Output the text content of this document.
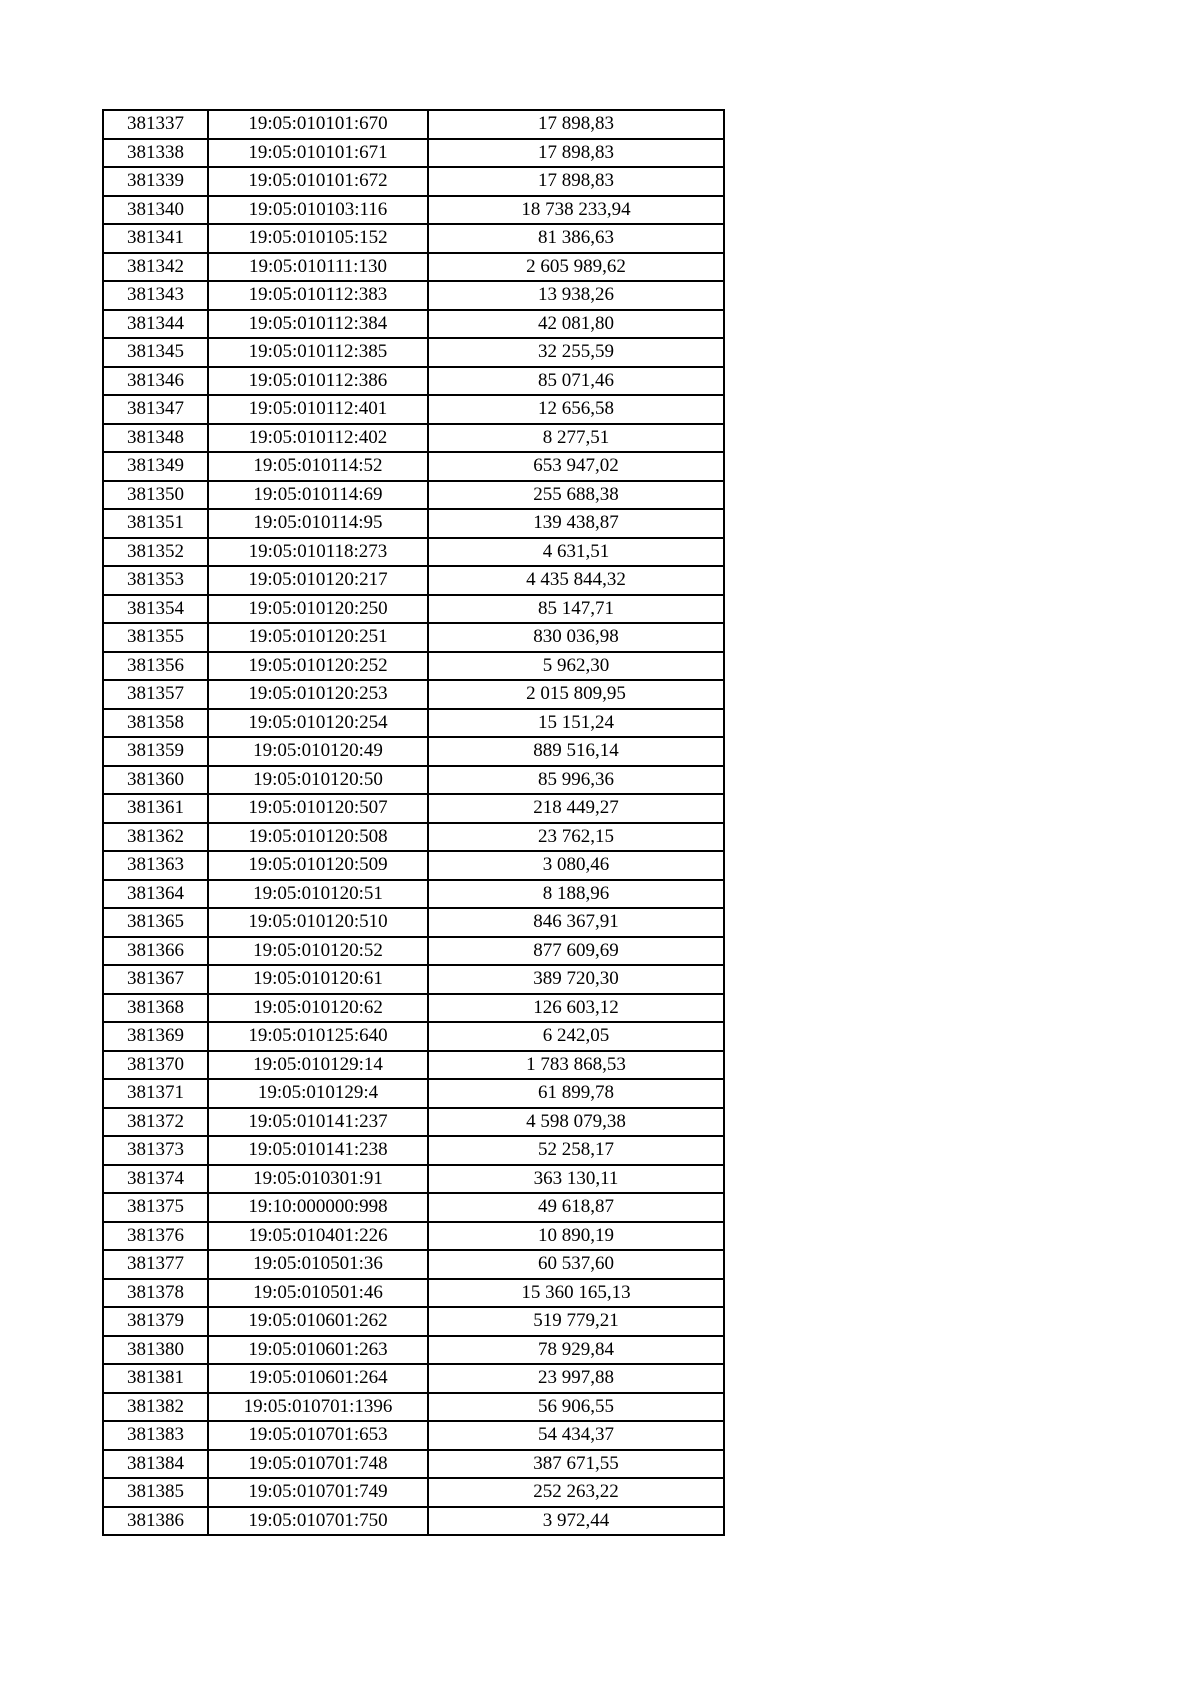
381337	19:05:010101:670	17 898,83
381338	19:05:010101:671	17 898,83
381339	19:05:010101:672	17 898,83
381340	19:05:010103:116	18 738 233,94
381341	19:05:010105:152	81 386,63
381342	19:05:010111:130	2 605 989,62
381343	19:05:010112:383	13 938,26
381344	19:05:010112:384	42 081,80
381345	19:05:010112:385	32 255,59
381346	19:05:010112:386	85 071,46
381347	19:05:010112:401	12 656,58
381348	19:05:010112:402	8 277,51
381349	19:05:010114:52	653 947,02
381350	19:05:010114:69	255 688,38
381351	19:05:010114:95	139 438,87
381352	19:05:010118:273	4 631,51
381353	19:05:010120:217	4 435 844,32
381354	19:05:010120:250	85 147,71
381355	19:05:010120:251	830 036,98
381356	19:05:010120:252	5 962,30
381357	19:05:010120:253	2 015 809,95
381358	19:05:010120:254	15 151,24
381359	19:05:010120:49	889 516,14
381360	19:05:010120:50	85 996,36
381361	19:05:010120:507	218 449,27
381362	19:05:010120:508	23 762,15
381363	19:05:010120:509	3 080,46
381364	19:05:010120:51	8 188,96
381365	19:05:010120:510	846 367,91
381366	19:05:010120:52	877 609,69
381367	19:05:010120:61	389 720,30
381368	19:05:010120:62	126 603,12
381369	19:05:010125:640	6 242,05
381370	19:05:010129:14	1 783 868,53
381371	19:05:010129:4	61 899,78
381372	19:05:010141:237	4 598 079,38
381373	19:05:010141:238	52 258,17
381374	19:05:010301:91	363 130,11
381375	19:10:000000:998	49 618,87
381376	19:05:010401:226	10 890,19
381377	19:05:010501:36	60 537,60
381378	19:05:010501:46	15 360 165,13
381379	19:05:010601:262	519 779,21
381380	19:05:010601:263	78 929,84
381381	19:05:010601:264	23 997,88
381382	19:05:010701:1396	56 906,55
381383	19:05:010701:653	54 434,37
381384	19:05:010701:748	387 671,55
381385	19:05:010701:749	252 263,22
381386	19:05:010701:750	3 972,44
